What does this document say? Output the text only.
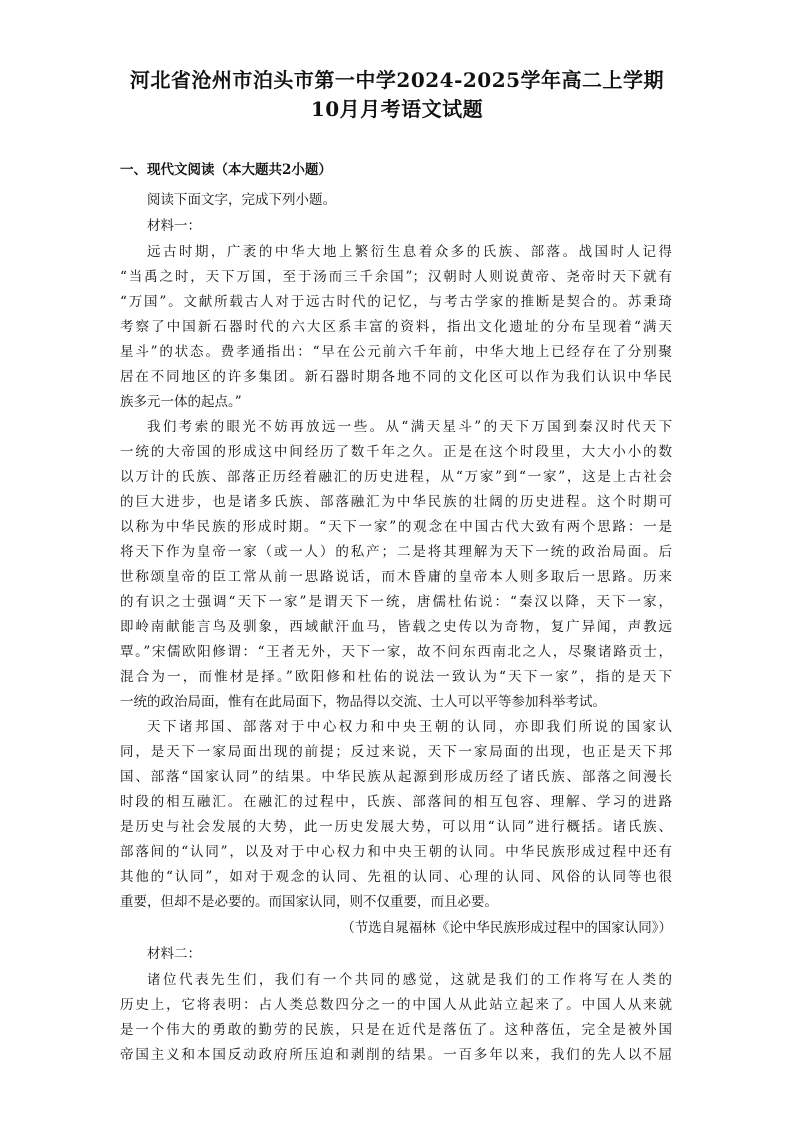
河北省沧州市泊头市第一中学2024-2025学年高二上学期
10月月考语文试题

一、现代文阅读（本大题共2小题）

阅读下面文字，完成下列小题。

材料一：

远古时期，广袤的中华大地上繁衍生息着众多的氏族、部落。战国时人记得

“当禹之时，天下万国，至于汤而三千余国”；汉朝时人则说黄帝、尧帝时天下就有

“万国”。文献所载古人对于远古时代的记忆，与考古学家的推断是契合的。苏秉琦

考察了中国新石器时代的六大区系丰富的资料，指出文化遗址的分布呈现着“满天

星斗”的状态。费孝通指出：“早在公元前六千年前，中华大地上已经存在了分别聚

居在不同地区的许多集团。新石器时期各地不同的文化区可以作为我们认识中华民

族多元一体的起点。”

我们考索的眼光不妨再放远一些。从“满天星斗”的天下万国到秦汉时代天下

一统的大帝国的形成这中间经历了数千年之久。正是在这个时段里，大大小小的数

以万计的氏族、部落正历经着融汇的历史进程，从“万家”到“一家”，这是上古社会

的巨大进步，也是诸多氏族、部落融汇为中华民族的壮阔的历史进程。这个时期可

以称为中华民族的形成时期。“天下一家”的观念在中国古代大致有两个思路：一是

将天下作为皇帝一家（或一人）的私产；二是将其理解为天下一统的政治局面。后

世称颂皇帝的臣工常从前一思路说话，而木昏庸的皇帝本人则多取后一思路。历来

的有识之士强调“天下一家”是谓天下一统，唐儒杜佑说：“秦汉以降，天下一家，

即岭南献能言鸟及驯象，西域献汗血马，皆载之史传以为奇物，复广异闻，声教远

覃。”宋儒欧阳修谓：“王者无外，天下一家，故不问东西南北之人，尽聚诸路贡士，

混合为一，而惟材是择。”欧阳修和杜佑的说法一致认为“天下一家”，指的是天下

一统的政治局面，惟有在此局面下，物品得以交流、士人可以平等参加科举考试。

天下诸邦国、部落对于中心权力和中央王朝的认同，亦即我们所说的国家认

同，是天下一家局面出现的前提；反过来说，天下一家局面的出现，也正是天下邦

国、部落“国家认同”的结果。中华民族从起源到形成历经了诸氏族、部落之间漫长

时段的相互融汇。在融汇的过程中，氏族、部落间的相互包容、理解、学习的进路

是历史与社会发展的大势，此一历史发展大势，可以用“认同”进行概括。诸氏族、

部落间的“认同”，以及对于中心权力和中央王朝的认同。中华民族形成过程中还有

其他的“认同”，如对于观念的认同、先祖的认同、心理的认同、风俗的认同等也很

重要，但却不是必要的。而国家认同，则不仅重要，而且必要。

（节选自晁福林《论中华民族形成过程中的国家认同》）

材料二：

诸位代表先生们，我们有一个共同的感觉，这就是我们的工作将写在人类的

历史上，它将表明：占人类总数四分之一的中国人从此站立起来了。中国人从来就

是一个伟大的勇敢的勤劳的民族，只是在近代是落伍了。这种落伍，完全是被外国

帝国主义和本国反动政府所压迫和剥削的结果。一百多年以来，我们的先人以不屈
